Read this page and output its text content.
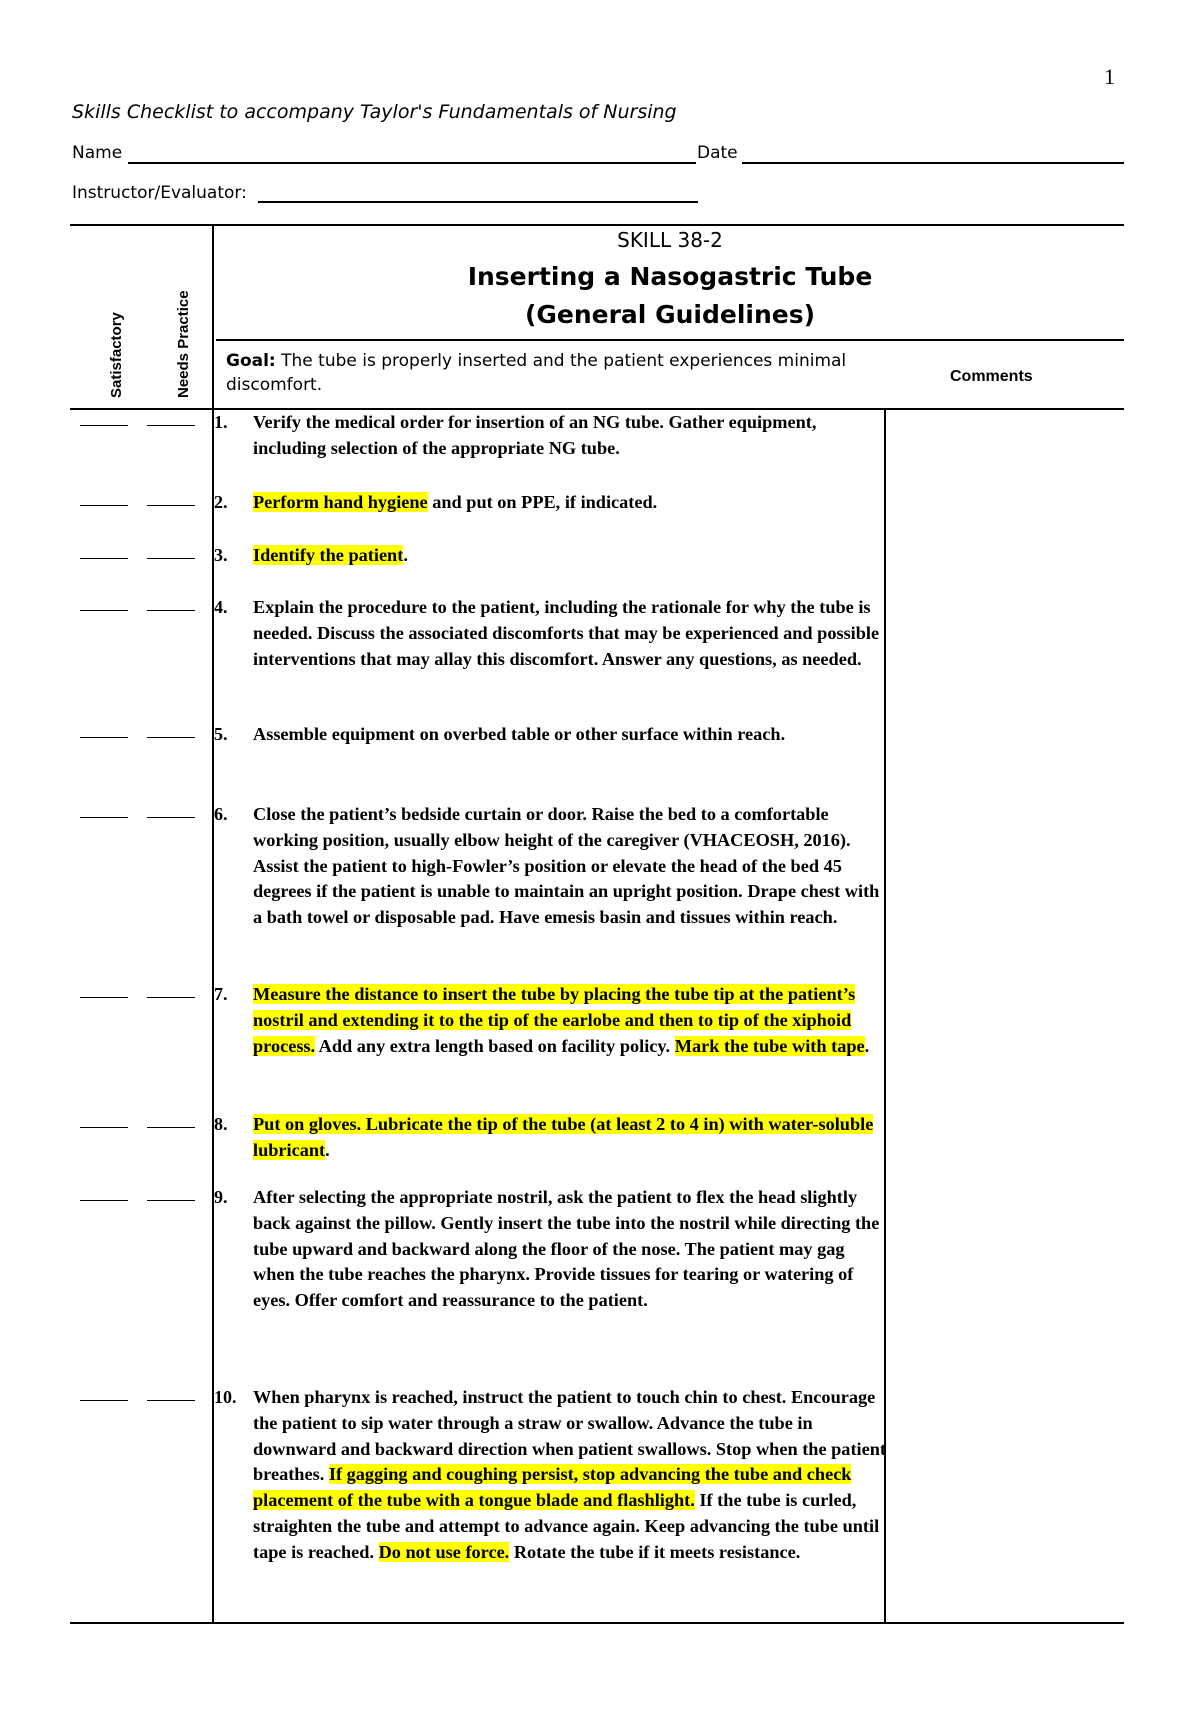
1
Skills Checklist to accompany Taylor's Fundamentals of Nursing
Name	Date
Instructor/Evaluator:
Satisfactory	Needs Practice
SKILL 38-2
Inserting a Nasogastric Tube
(General Guidelines)
Goal: The tube is properly inserted and the patient experiences minimal discomfort.	Comments
1. Verify the medical order for insertion of an NG tube. Gather equipment, including selection of the appropriate NG tube.
2. Perform hand hygiene and put on PPE, if indicated.
3. Identify the patient.
4. Explain the procedure to the patient, including the rationale for why the tube is needed. Discuss the associated discomforts that may be experienced and possible interventions that may allay this discomfort. Answer any questions, as needed.
5. Assemble equipment on overbed table or other surface within reach.
6. Close the patient’s bedside curtain or door. Raise the bed to a comfortable working position, usually elbow height of the caregiver (VHACEOSH, 2016). Assist the patient to high-Fowler’s position or elevate the head of the bed 45 degrees if the patient is unable to maintain an upright position. Drape chest with a bath towel or disposable pad. Have emesis basin and tissues within reach.
7. Measure the distance to insert the tube by placing the tube tip at the patient’s nostril and extending it to the tip of the earlobe and then to tip of the xiphoid process. Add any extra length based on facility policy. Mark the tube with tape.
8. Put on gloves. Lubricate the tip of the tube (at least 2 to 4 in) with water-soluble lubricant.
9. After selecting the appropriate nostril, ask the patient to flex the head slightly back against the pillow. Gently insert the tube into the nostril while directing the tube upward and backward along the floor of the nose. The patient may gag when the tube reaches the pharynx. Provide tissues for tearing or watering of eyes. Offer comfort and reassurance to the patient.
10. When pharynx is reached, instruct the patient to touch chin to chest. Encourage the patient to sip water through a straw or swallow. Advance the tube in downward and backward direction when patient swallows. Stop when the patient breathes. If gagging and coughing persist, stop advancing the tube and check placement of the tube with a tongue blade and flashlight. If the tube is curled, straighten the tube and attempt to advance again. Keep advancing the tube until tape is reached. Do not use force. Rotate the tube if it meets resistance.
